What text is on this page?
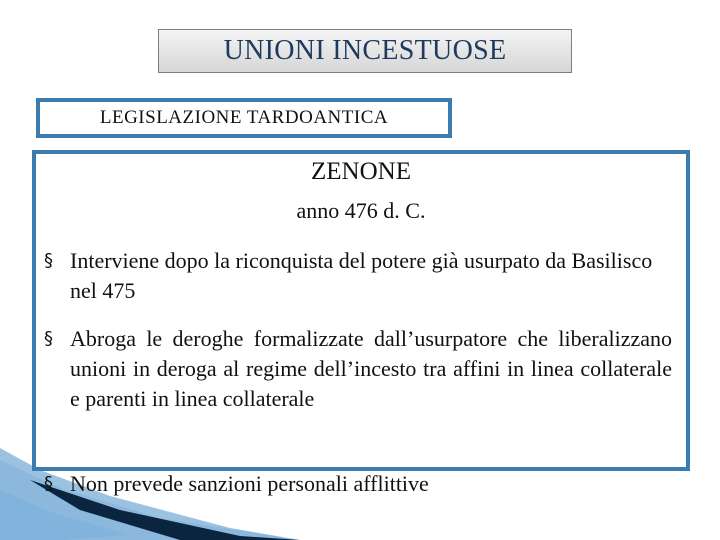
UNIONI INCESTUOSE
LEGISLAZIONE TARDOANTICA
ZENONE
anno 476 d. C.
§ Interviene dopo la riconquista del potere già usurpato da Basilisco nel 475
§ Abroga le deroghe formalizzate dall’usurpatore che liberalizzano unioni in deroga al regime dell’incesto tra affini in linea collaterale e parenti in linea collaterale
§ Non prevede sanzioni personali afflittive
